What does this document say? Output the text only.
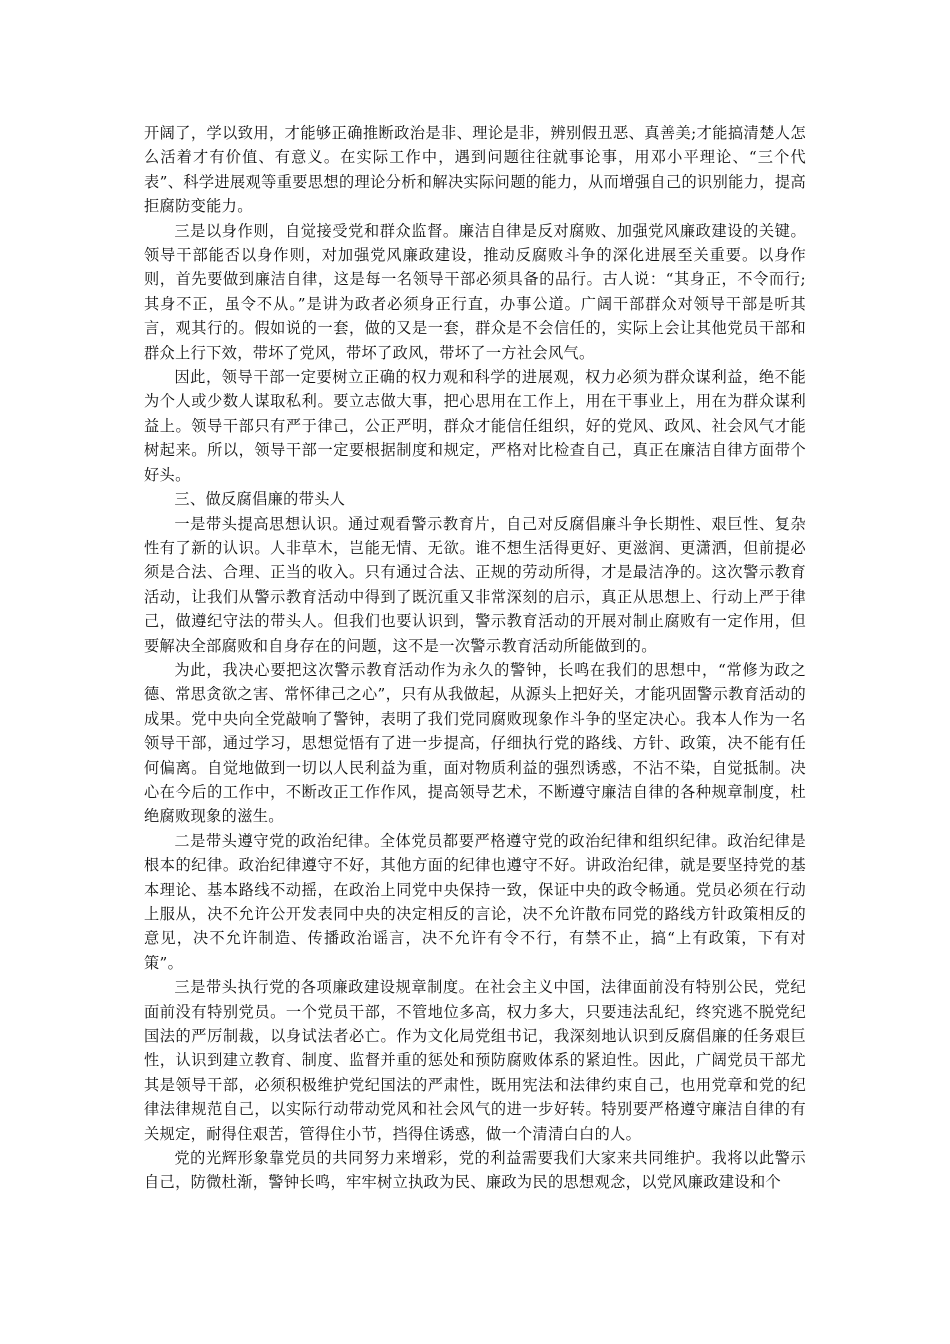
开阔了，学以致用，才能够正确推断政治是非、理论是非，辨别假丑恶、真善美;才能搞清楚人怎么活着才有价值、有意义。在实际工作中，遇到问题往往就事论事，用邓小平理论、“三个代表”、科学进展观等重要思想的理论分析和解决实际问题的能力，从而增强自己的识别能力，提高拒腐防变能力。

三是以身作则，自觉接受党和群众监督。廉洁自律是反对腐败、加强党风廉政建设的关键。领导干部能否以身作则，对加强党风廉政建设，推动反腐败斗争的深化进展至关重要。以身作则，首先要做到廉洁自律，这是每一名领导干部必须具备的品行。古人说：“其身正，不令而行;其身不正，虽令不从。”是讲为政者必须身正行直，办事公道。广阔干部群众对领导干部是听其言，观其行的。假如说的一套，做的又是一套，群众是不会信任的，实际上会让其他党员干部和群众上行下效，带坏了党风，带坏了政风，带坏了一方社会风气。

因此，领导干部一定要树立正确的权力观和科学的进展观，权力必须为群众谋利益，绝不能为个人或少数人谋取私利。要立志做大事，把心思用在工作上，用在干事业上，用在为群众谋利益上。领导干部只有严于律己，公正严明，群众才能信任组织，好的党风、政风、社会风气才能树起来。所以，领导干部一定要根据制度和规定，严格对比检查自己，真正在廉洁自律方面带个好头。

三、做反腐倡廉的带头人

一是带头提高思想认识。通过观看警示教育片，自己对反腐倡廉斗争长期性、艰巨性、复杂性有了新的认识。人非草木，岂能无情、无欲。谁不想生活得更好、更滋润、更潇洒，但前提必须是合法、合理、正当的收入。只有通过合法、正规的劳动所得，才是最洁净的。这次警示教育活动，让我们从警示教育活动中得到了既沉重又非常深刻的启示，真正从思想上、行动上严于律己，做遵纪守法的带头人。但我们也要认识到，警示教育活动的开展对制止腐败有一定作用，但要解决全部腐败和自身存在的问题，这不是一次警示教育活动所能做到的。

为此，我决心要把这次警示教育活动作为永久的警钟，长鸣在我们的思想中，“常修为政之德、常思贪欲之害、常怀律己之心”，只有从我做起，从源头上把好关，才能巩固警示教育活动的成果。党中央向全党敲响了警钟，表明了我们党同腐败现象作斗争的坚定决心。我本人作为一名领导干部，通过学习，思想觉悟有了进一步提高，仔细执行党的路线、方针、政策，决不能有任何偏离。自觉地做到一切以人民利益为重，面对物质利益的强烈诱惑，不沾不染，自觉抵制。决心在今后的工作中，不断改正工作作风，提高领导艺术，不断遵守廉洁自律的各种规章制度，杜绝腐败现象的滋生。

二是带头遵守党的政治纪律。全体党员都要严格遵守党的政治纪律和组织纪律。政治纪律是根本的纪律。政治纪律遵守不好，其他方面的纪律也遵守不好。讲政治纪律，就是要坚持党的基本理论、基本路线不动摇，在政治上同党中央保持一致，保证中央的政令畅通。党员必须在行动上服从，决不允许公开发表同中央的决定相反的言论，决不允许散布同党的路线方针政策相反的意见，决不允许制造、传播政治谣言，决不允许有令不行，有禁不止，搞“上有政策，下有对策”。

三是带头执行党的各项廉政建设规章制度。在社会主义中国，法律面前没有特别公民，党纪面前没有特别党员。一个党员干部，不管地位多高，权力多大，只要违法乱纪，终究逃不脱党纪国法的严厉制裁，以身试法者必亡。作为文化局党组书记，我深刻地认识到反腐倡廉的任务艰巨性，认识到建立教育、制度、监督并重的惩处和预防腐败体系的紧迫性。因此，广阔党员干部尤其是领导干部，必须积极维护党纪国法的严肃性，既用宪法和法律约束自己，也用党章和党的纪律法律规范自己，以实际行动带动党风和社会风气的进一步好转。特别要严格遵守廉洁自律的有关规定，耐得住艰苦，管得住小节，挡得住诱惑，做一个清清白白的人。

党的光辉形象靠党员的共同努力来增彩，党的利益需要我们大家来共同维护。我将以此警示自己，防微杜渐，警钟长鸣，牢牢树立执政为民、廉政为民的思想观念，以党风廉政建设和个
